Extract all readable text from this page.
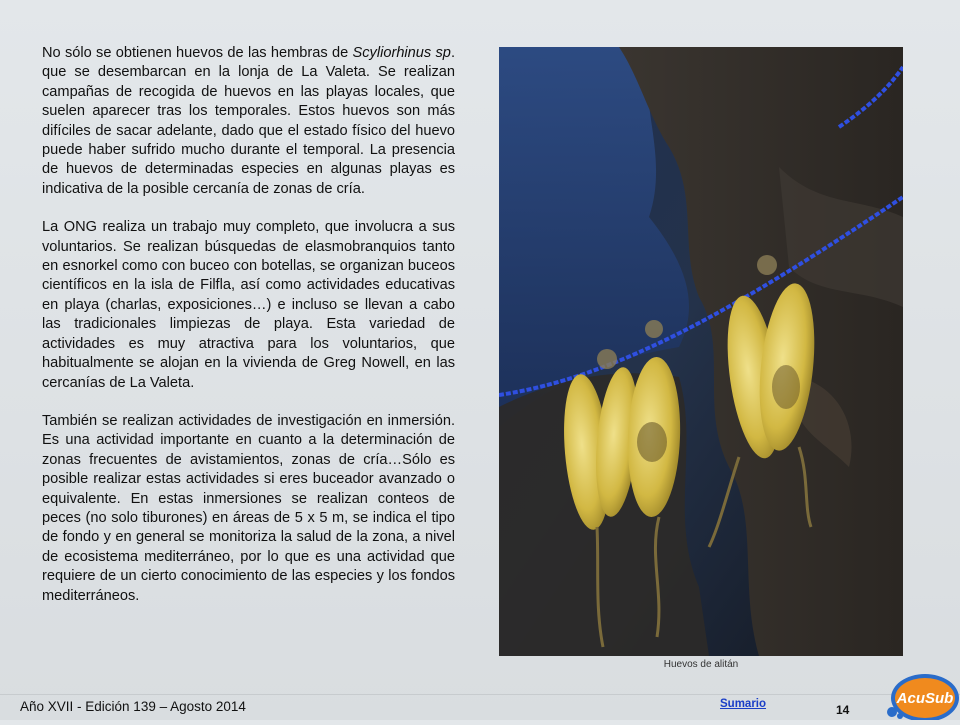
No sólo se obtienen huevos de las hembras de Scyliorhinus sp. que se desembarcan en la lonja de La Valeta. Se realizan campañas de recogida de huevos en las playas locales, que suelen aparecer tras los temporales. Estos huevos son más difíciles de sacar adelante, dado que el estado físico del huevo puede haber sufrido mucho durante el temporal. La presencia de huevos de determinadas especies en algunas playas es indicativa de la posible cercanía de zonas de cría.

La ONG realiza un trabajo muy completo, que involucra a sus voluntarios. Se realizan búsquedas de elasmobranquios tanto en esnorkel como con buceo con botellas, se organizan buceos científicos en la isla de Filfla, así como actividades educativas en playa (charlas, exposiciones…) e incluso se llevan a cabo las tradicionales limpiezas de playa. Esta variedad de actividades es muy atractiva para los voluntarios, que habitualmente se alojan en la vivienda de Greg Nowell, en las cercanías de La Valeta.

También se realizan actividades de investigación en inmersión. Es una actividad importante en cuanto a la determinación de zonas frecuentes de avistamientos, zonas de cría…Sólo es posible realizar estas actividades si eres buceador avanzado o equivalente. En estas inmersiones se realizan conteos de peces (no solo tiburones) en áreas de 5 x 5 m, se indica el tipo de fondo y en general se monitoriza la salud de la zona, a nivel de ecosistema mediterráneo, por lo que es una actividad que requiere de un cierto conocimiento de las especies y los fondos mediterráneos.

Huevos de alitán
Año XVII - Edición 139 – Agosto 2014	Sumario	14
AcuSub
